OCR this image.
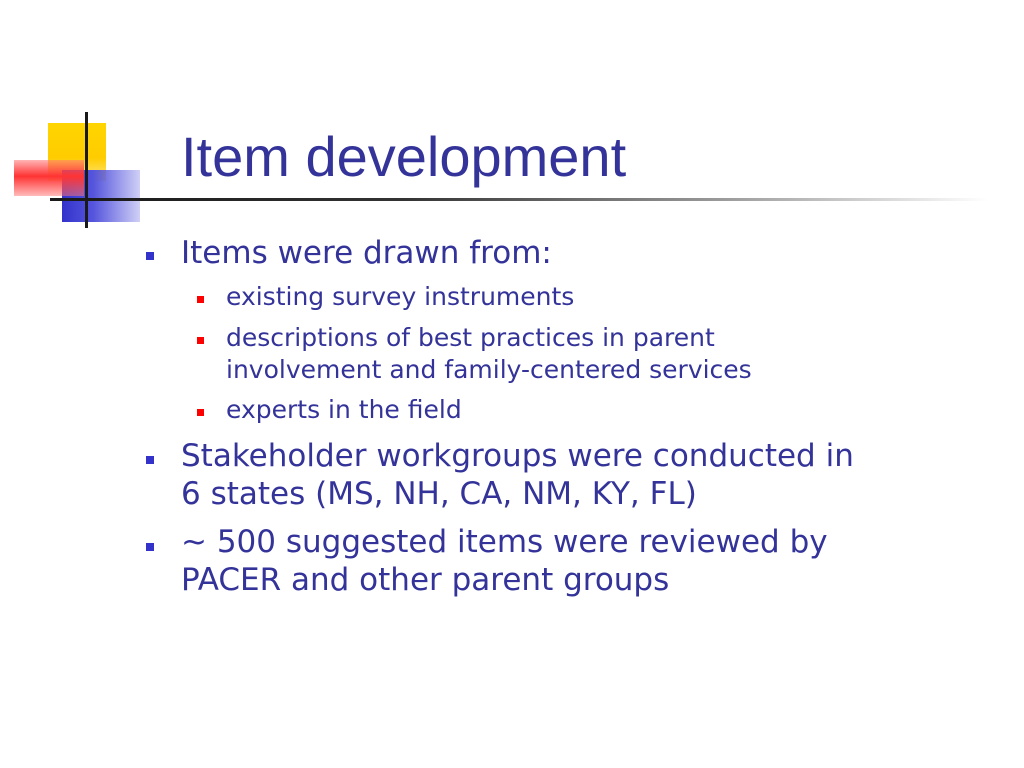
Item development
Items were drawn from:
existing survey instruments
descriptions of best practices in parent
involvement and family-centered services
experts in the field
Stakeholder workgroups were conducted in
6 states (MS, NH, CA, NM, KY, FL)
~ 500 suggested items were reviewed by
PACER and other parent groups
